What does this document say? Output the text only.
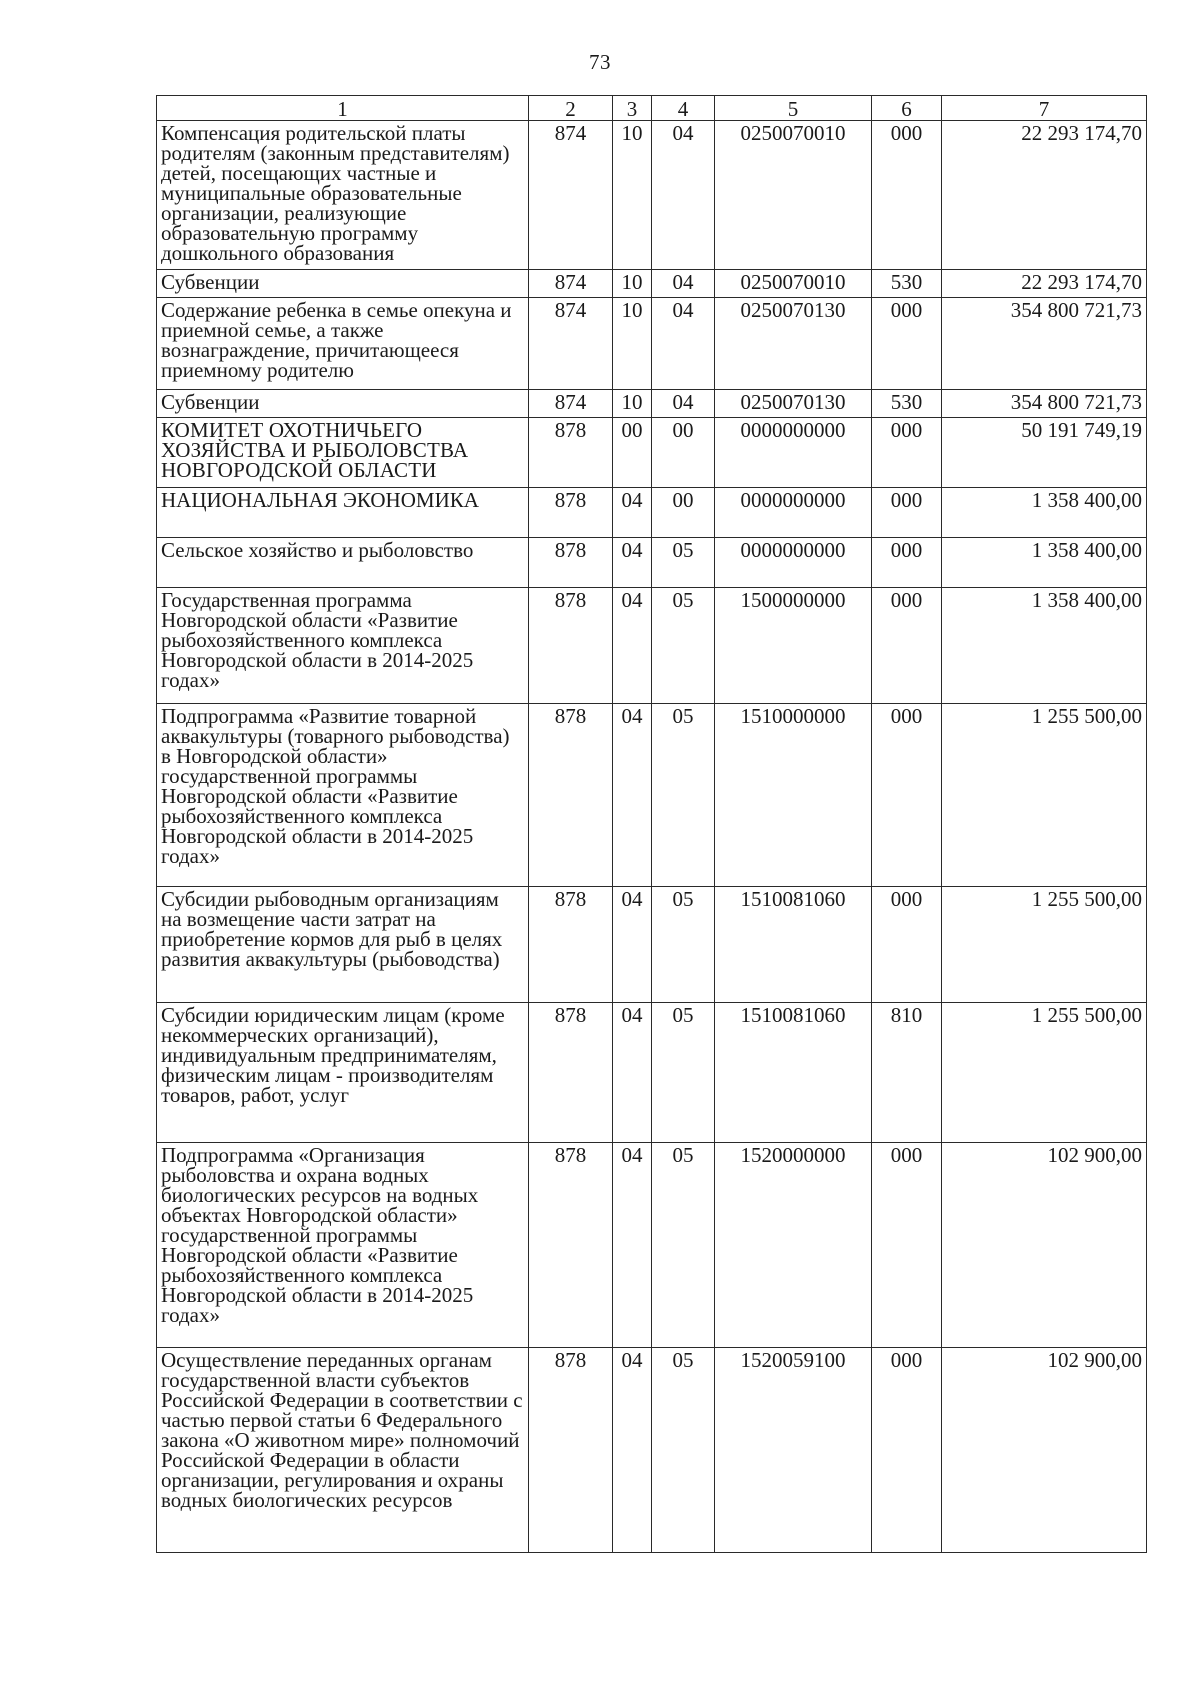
73
1	2	3	4	5	6	7
Компенсация родительской платы родителям (законным представителям) детей, посещающих частные и муниципальные образовательные организации, реализующие образовательную программу дошкольного образования	874	10	04	0250070010	000	22 293 174,70
Субвенции	874	10	04	0250070010	530	22 293 174,70
Содержание ребенка в семье опекуна и приемной семье, а также вознаграждение, причитающееся приемному родителю	874	10	04	0250070130	000	354 800 721,73
Субвенции	874	10	04	0250070130	530	354 800 721,73
КОМИТЕТ ОХОТНИЧЬЕГО ХОЗЯЙСТВА И РЫБОЛОВСТВА НОВГОРОДСКОЙ ОБЛАСТИ	878	00	00	0000000000	000	50 191 749,19
НАЦИОНАЛЬНАЯ ЭКОНОМИКА	878	04	00	0000000000	000	1 358 400,00
Сельское хозяйство и рыболовство	878	04	05	0000000000	000	1 358 400,00
Государственная программа Новгородской области «Развитие рыбохозяйственного комплекса Новгородской области в 2014-2025 годах»	878	04	05	1500000000	000	1 358 400,00
Подпрограмма «Развитие товарной аквакультуры (товарного рыбоводства) в Новгородской области» государственной программы Новгородской области «Развитие рыбохозяйственного комплекса Новгородской области в 2014-2025 годах»	878	04	05	1510000000	000	1 255 500,00
Субсидии рыбоводным организациям на возмещение части затрат на приобретение кормов для рыб в целях развития аквакультуры (рыбоводства)	878	04	05	1510081060	000	1 255 500,00
Субсидии юридическим лицам (кроме некоммерческих организаций), индивидуальным предпринимателям, физическим лицам - производителям товаров, работ, услуг	878	04	05	1510081060	810	1 255 500,00
Подпрограмма «Организация рыболовства и охрана водных биологических ресурсов на водных объектах Новгородской области» государственной программы Новгородской области «Развитие рыбохозяйственного комплекса Новгородской области в 2014-2025 годах»	878	04	05	1520000000	000	102 900,00
Осуществление переданных органам государственной власти субъектов Российской Федерации в соответствии с частью первой статьи 6 Федерального закона «О животном мире» полномочий Российской Федерации в области организации, регулирования и охраны водных биологических ресурсов	878	04	05	1520059100	000	102 900,00
